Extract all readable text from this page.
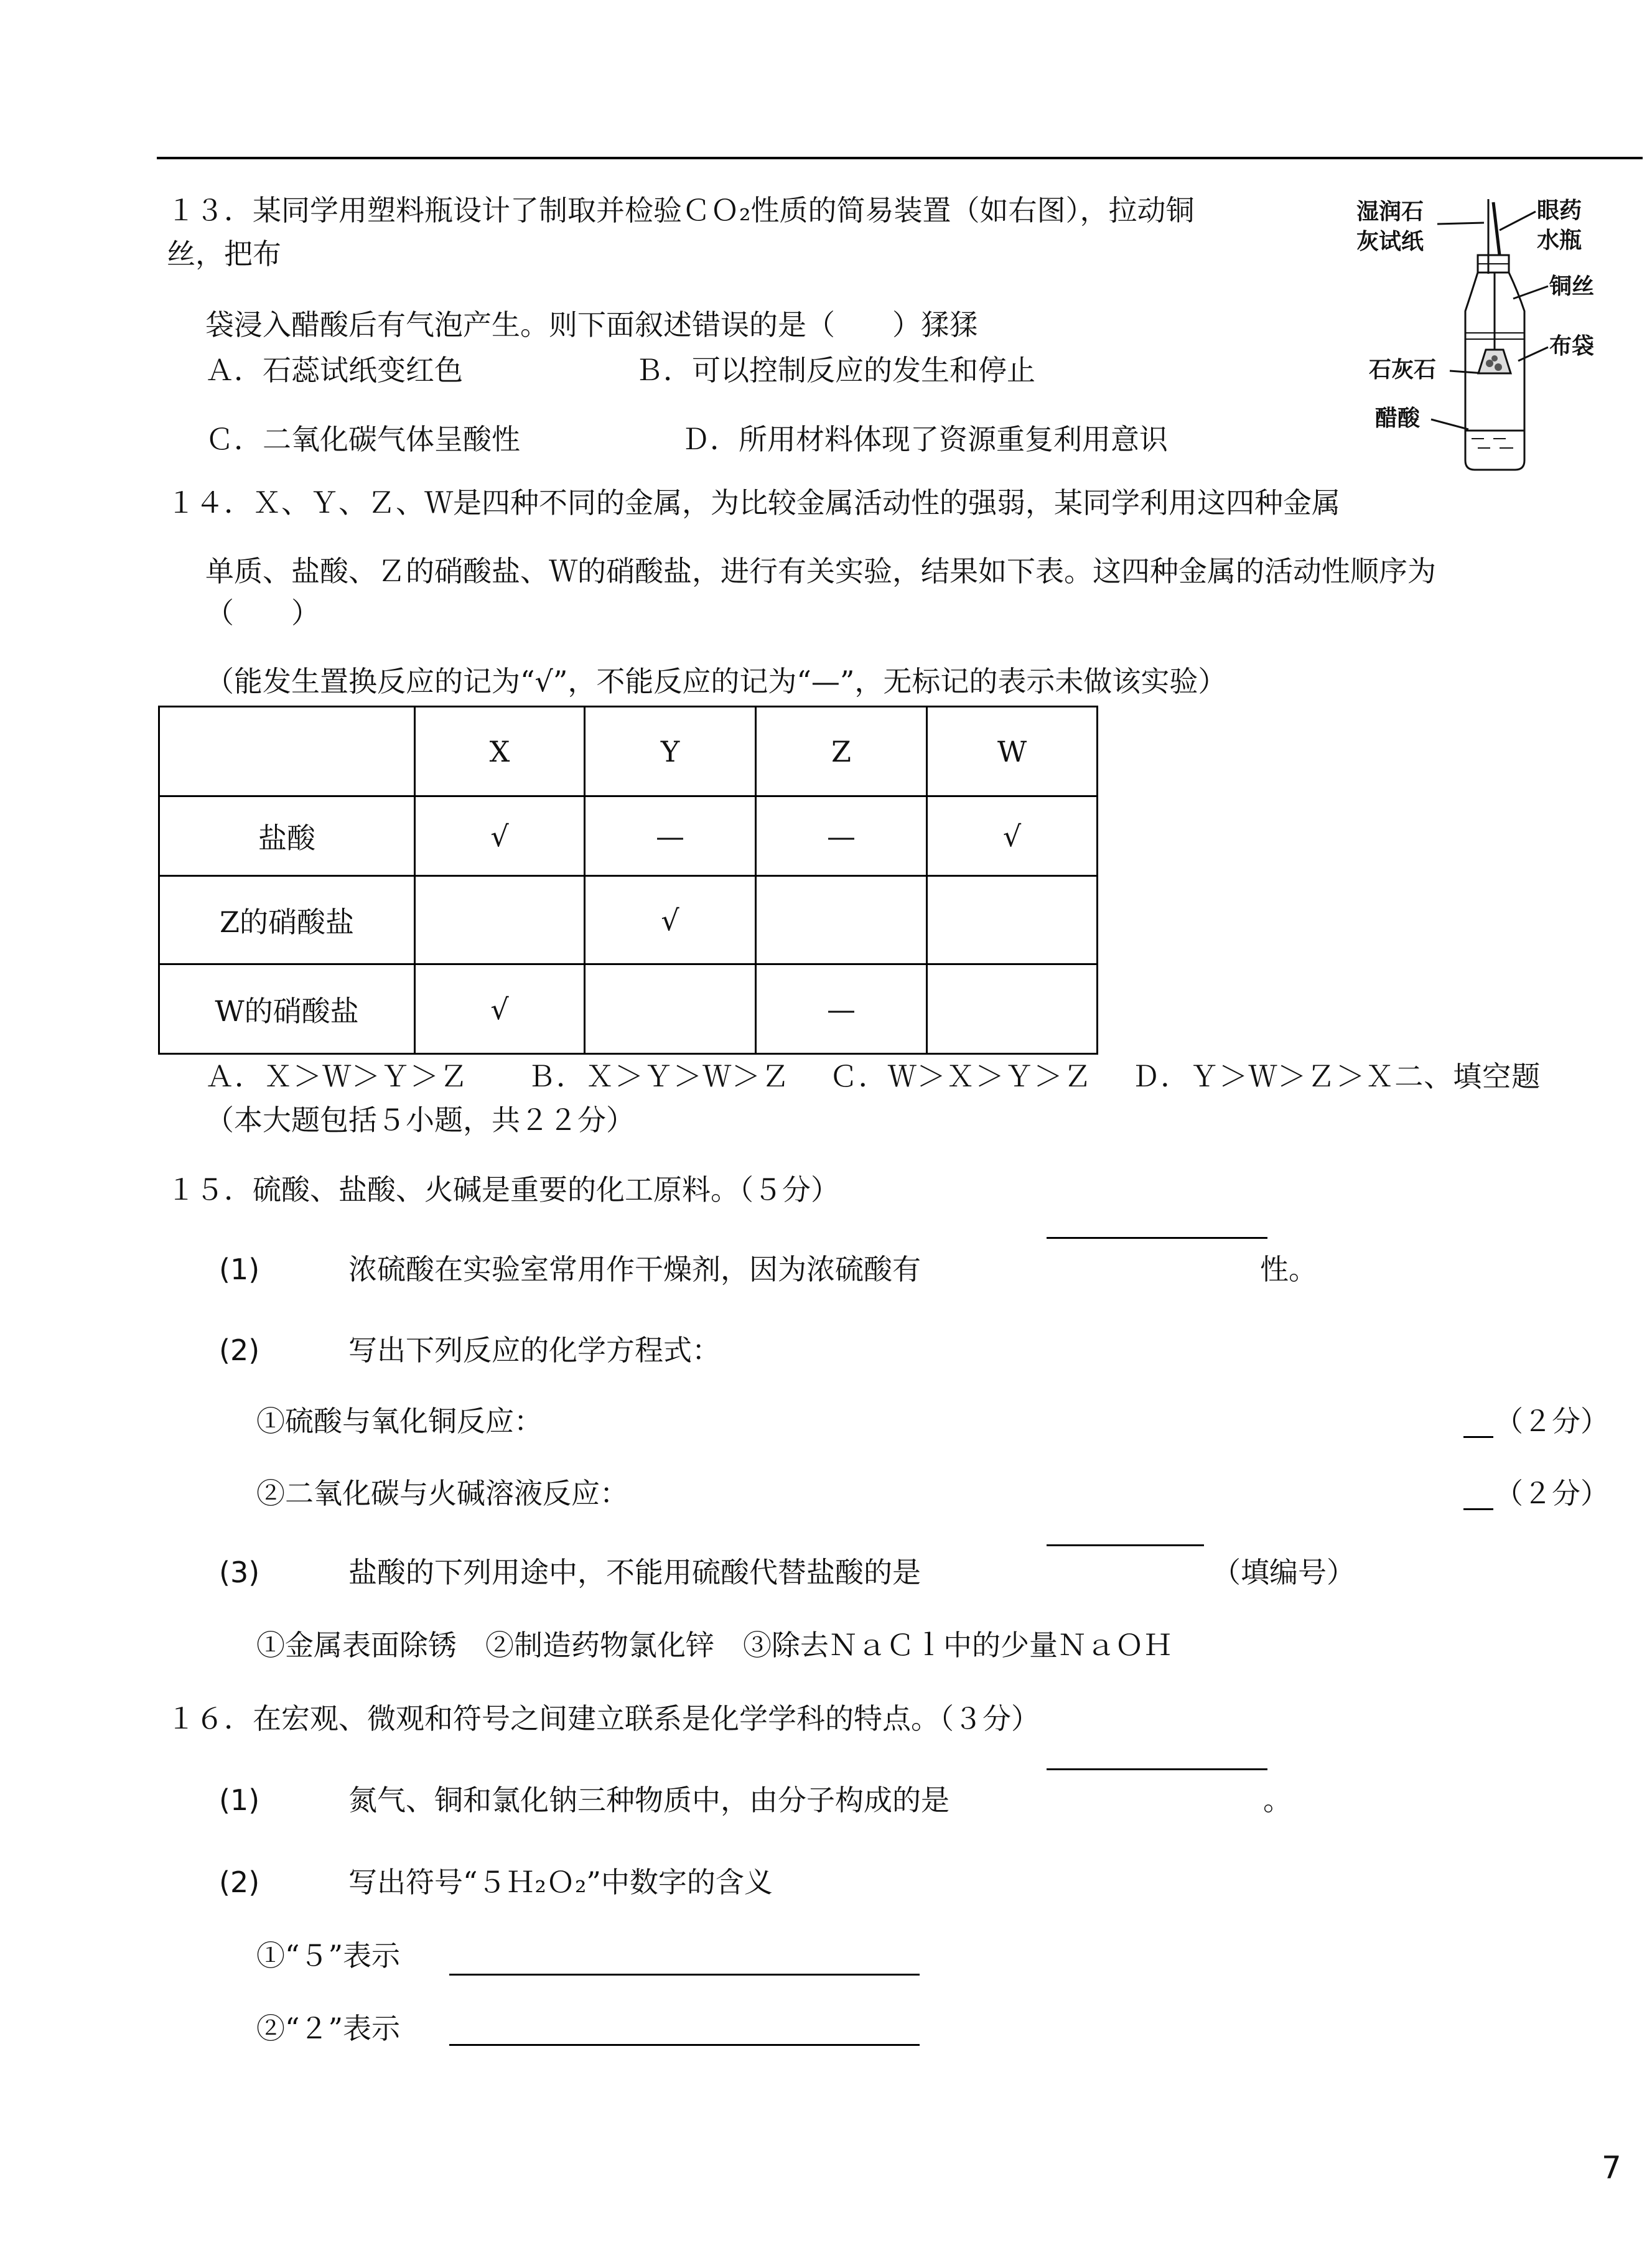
１３．某同学用塑料瓶设计了制取并检验ＣＯ₂性质的简易装置（如右图），拉动铜
丝，把布
袋浸入醋酸后有气泡产生。则下面叙述错误的是（　　）猱猱
Ａ．石蕊试纸变红色	Ｂ．可以控制反应的发生和停止
Ｃ．二氧化碳气体呈酸性	Ｄ．所用材料体现了资源重复利用意识
湿润石
灰试纸
眼药
水瓶
铜丝
布袋
石灰石
醋酸
１４．Ｘ、Ｙ、Ｚ、Ｗ是四种不同的金属，为比较金属活动性的强弱，某同学利用这四种金属
单质、盐酸、Ｚ的硝酸盐、Ｗ的硝酸盐，进行有关实验，结果如下表。这四种金属的活动性顺序为
（　　）
（能发生置换反应的记为“√”，不能反应的记为“—”，无标记的表示未做该实验）
	X	Y	Z	W
盐酸	√	—	—	√
Z的硝酸盐		√		
W的硝酸盐	√		—	
Ａ．Ｘ＞Ｗ＞Ｙ＞Ｚ　　Ｂ．Ｘ＞Ｙ＞Ｗ＞Ｚ　 Ｃ．Ｗ＞Ｘ＞Ｙ＞Ｚ　 Ｄ．Ｙ＞Ｗ＞Ｚ＞Ｘ二、填空题
（本大题包括５小题，共２２分）
１５．硫酸、盐酸、火碱是重要的化工原料。（５分）
(1)	浓硫酸在实验室常用作干燥剂，因为浓硫酸有	性。
(2)	写出下列反应的化学方程式：
①硫酸与氧化铜反应：	（２分）
②二氧化碳与火碱溶液反应：	（２分）
(3)	盐酸的下列用途中，不能用硫酸代替盐酸的是	（填编号）
①金属表面除锈　②制造药物氯化锌　③除去ＮａＣｌ中的少量ＮａＯＨ
１６．在宏观、微观和符号之间建立联系是化学学科的特点。（３分）
(1)	氮气、铜和氯化钠三种物质中，由分子构成的是	。
(2)	写出符号“５Ｈ₂Ｏ₂”中数字的含义
①“５”表示
②“２”表示
7
